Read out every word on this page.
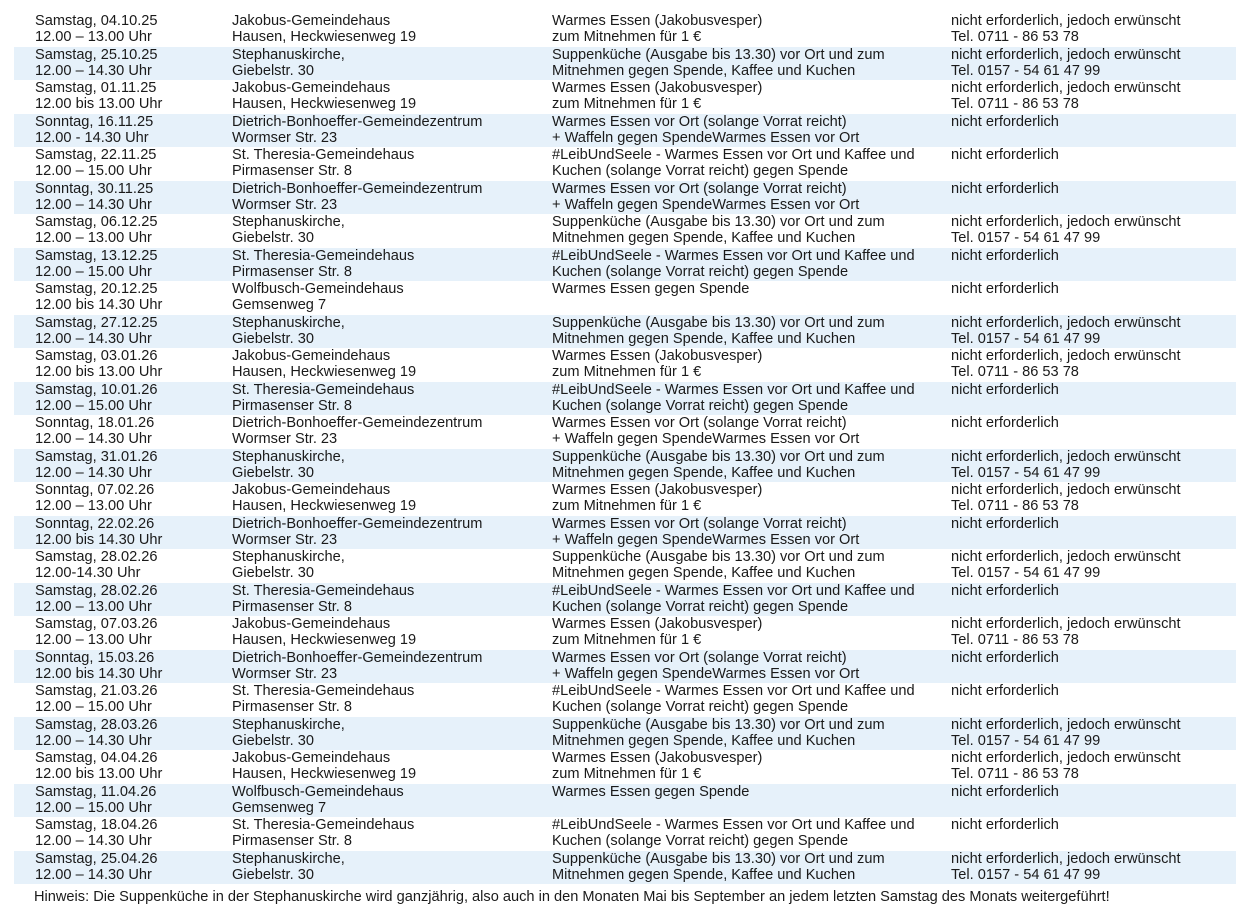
Samstag, 04.10.25
12.00 – 13.00 Uhr
Jakobus-Gemeindehaus
Hausen, Heckwiesenweg 19
Warmes Essen (Jakobusvesper)
zum Mitnehmen für 1 €
nicht erforderlich, jedoch erwünscht
Tel. 0711 - 86 53 78
Samstag, 25.10.25
12.00 – 14.30 Uhr
Stephanuskirche,
Giebelstr. 30
Suppenküche (Ausgabe bis 13.30) vor Ort und zum
Mitnehmen gegen Spende, Kaffee und Kuchen
nicht erforderlich, jedoch erwünscht
Tel. 0157 - 54 61 47 99
Samstag, 01.11.25
12.00 bis 13.00 Uhr
Jakobus-Gemeindehaus
Hausen, Heckwiesenweg 19
Warmes Essen (Jakobusvesper)
zum Mitnehmen für 1 €
nicht erforderlich, jedoch erwünscht
Tel. 0711 - 86 53 78
Sonntag, 16.11.25
12.00 - 14.30 Uhr
Dietrich-Bonhoeffer-Gemeindezentrum
Wormser Str. 23
Warmes Essen vor Ort (solange Vorrat reicht)
+ Waffeln gegen SpendeWarmes Essen vor Ort
nicht erforderlich
Samstag, 22.11.25
12.00 – 15.00 Uhr
St. Theresia-Gemeindehaus
Pirmasenser Str. 8
#LeibUndSeele - Warmes Essen vor Ort und Kaffee und
Kuchen (solange Vorrat reicht) gegen Spende
nicht erforderlich
Sonntag, 30.11.25
12.00 – 14.30 Uhr
Dietrich-Bonhoeffer-Gemeindezentrum
Wormser Str. 23
Warmes Essen vor Ort (solange Vorrat reicht)
+ Waffeln gegen SpendeWarmes Essen vor Ort
nicht erforderlich
Samstag, 06.12.25
12.00 – 13.00 Uhr
Stephanuskirche,
Giebelstr. 30
Suppenküche (Ausgabe bis 13.30) vor Ort und zum
Mitnehmen gegen Spende, Kaffee und Kuchen
nicht erforderlich, jedoch erwünscht
Tel. 0157 - 54 61 47 99
Samstag, 13.12.25
12.00 – 15.00 Uhr
St. Theresia-Gemeindehaus
Pirmasenser Str. 8
#LeibUndSeele - Warmes Essen vor Ort und Kaffee und
Kuchen (solange Vorrat reicht) gegen Spende
nicht erforderlich
Samstag, 20.12.25
12.00 bis 14.30 Uhr
Wolfbusch-Gemeindehaus
Gemsenweg 7
Warmes Essen gegen Spende	nicht erforderlich
Samstag, 27.12.25
12.00 – 14.30 Uhr
Stephanuskirche,
Giebelstr. 30
Suppenküche (Ausgabe bis 13.30) vor Ort und zum
Mitnehmen gegen Spende, Kaffee und Kuchen
nicht erforderlich, jedoch erwünscht
Tel. 0157 - 54 61 47 99
Samstag, 03.01.26
12.00 bis 13.00 Uhr
Jakobus-Gemeindehaus
Hausen, Heckwiesenweg 19
Warmes Essen (Jakobusvesper)
zum Mitnehmen für 1 €
nicht erforderlich, jedoch erwünscht
Tel. 0711 - 86 53 78
Samstag, 10.01.26
12.00 – 15.00 Uhr
St. Theresia-Gemeindehaus
Pirmasenser Str. 8
#LeibUndSeele - Warmes Essen vor Ort und Kaffee und
Kuchen (solange Vorrat reicht) gegen Spende
nicht erforderlich
Sonntag, 18.01.26
12.00 – 14.30 Uhr
Dietrich-Bonhoeffer-Gemeindezentrum
Wormser Str. 23
Warmes Essen vor Ort (solange Vorrat reicht)
+ Waffeln gegen SpendeWarmes Essen vor Ort
nicht erforderlich
Samstag, 31.01.26
12.00 – 14.30 Uhr
Stephanuskirche,
Giebelstr. 30
Suppenküche (Ausgabe bis 13.30) vor Ort und zum
Mitnehmen gegen Spende, Kaffee und Kuchen
nicht erforderlich, jedoch erwünscht
Tel. 0157 - 54 61 47 99
Sonntag, 07.02.26
12.00 – 13.00 Uhr
Jakobus-Gemeindehaus
Hausen, Heckwiesenweg 19
Warmes Essen (Jakobusvesper)
zum Mitnehmen für 1 €
nicht erforderlich, jedoch erwünscht
Tel. 0711 - 86 53 78
Sonntag, 22.02.26
12.00 bis 14.30 Uhr
Dietrich-Bonhoeffer-Gemeindezentrum
Wormser Str. 23
Warmes Essen vor Ort (solange Vorrat reicht)
+ Waffeln gegen SpendeWarmes Essen vor Ort
nicht erforderlich
Samstag, 28.02.26
12.00-14.30 Uhr
Stephanuskirche,
Giebelstr. 30
Suppenküche (Ausgabe bis 13.30) vor Ort und zum
Mitnehmen gegen Spende, Kaffee und Kuchen
nicht erforderlich, jedoch erwünscht
Tel. 0157 - 54 61 47 99
Samstag, 28.02.26
12.00 – 13.00 Uhr
St. Theresia-Gemeindehaus
Pirmasenser Str. 8
#LeibUndSeele - Warmes Essen vor Ort und Kaffee und
Kuchen (solange Vorrat reicht) gegen Spende
nicht erforderlich
Samstag, 07.03.26
12.00 – 13.00 Uhr
Jakobus-Gemeindehaus
Hausen, Heckwiesenweg 19
Warmes Essen (Jakobusvesper)
zum Mitnehmen für 1 €
nicht erforderlich, jedoch erwünscht
Tel. 0711 - 86 53 78
Sonntag, 15.03.26
12.00 bis 14.30 Uhr
Dietrich-Bonhoeffer-Gemeindezentrum
Wormser Str. 23
Warmes Essen vor Ort (solange Vorrat reicht)
+ Waffeln gegen SpendeWarmes Essen vor Ort
nicht erforderlich
Samstag, 21.03.26
12.00 – 15.00 Uhr
St. Theresia-Gemeindehaus
Pirmasenser Str. 8
#LeibUndSeele - Warmes Essen vor Ort und Kaffee und
Kuchen (solange Vorrat reicht) gegen Spende
nicht erforderlich
Samstag, 28.03.26
12.00 – 14.30 Uhr
Stephanuskirche,
Giebelstr. 30
Suppenküche (Ausgabe bis 13.30) vor Ort und zum
Mitnehmen gegen Spende, Kaffee und Kuchen
nicht erforderlich, jedoch erwünscht
Tel. 0157 - 54 61 47 99
Samstag, 04.04.26
12.00 bis 13.00 Uhr
Jakobus-Gemeindehaus
Hausen, Heckwiesenweg 19
Warmes Essen (Jakobusvesper)
zum Mitnehmen für 1 €
nicht erforderlich, jedoch erwünscht
Tel. 0711 - 86 53 78
Samstag, 11.04.26
12.00 – 15.00 Uhr
Wolfbusch-Gemeindehaus
Gemsenweg 7
Warmes Essen gegen Spende	nicht erforderlich
Samstag, 18.04.26
12.00 – 14.30 Uhr
St. Theresia-Gemeindehaus
Pirmasenser Str. 8
#LeibUndSeele - Warmes Essen vor Ort und Kaffee und
Kuchen (solange Vorrat reicht) gegen Spende
nicht erforderlich
Samstag, 25.04.26
12.00 – 14.30 Uhr
Stephanuskirche,
Giebelstr. 30
Suppenküche (Ausgabe bis 13.30) vor Ort und zum
Mitnehmen gegen Spende, Kaffee und Kuchen
nicht erforderlich, jedoch erwünscht
Tel. 0157 - 54 61 47 99
Hinweis: Die Suppenküche in der Stephanuskirche wird ganzjährig, also auch in den Monaten Mai bis September an jedem letzten Samstag des Monats weitergeführt!
